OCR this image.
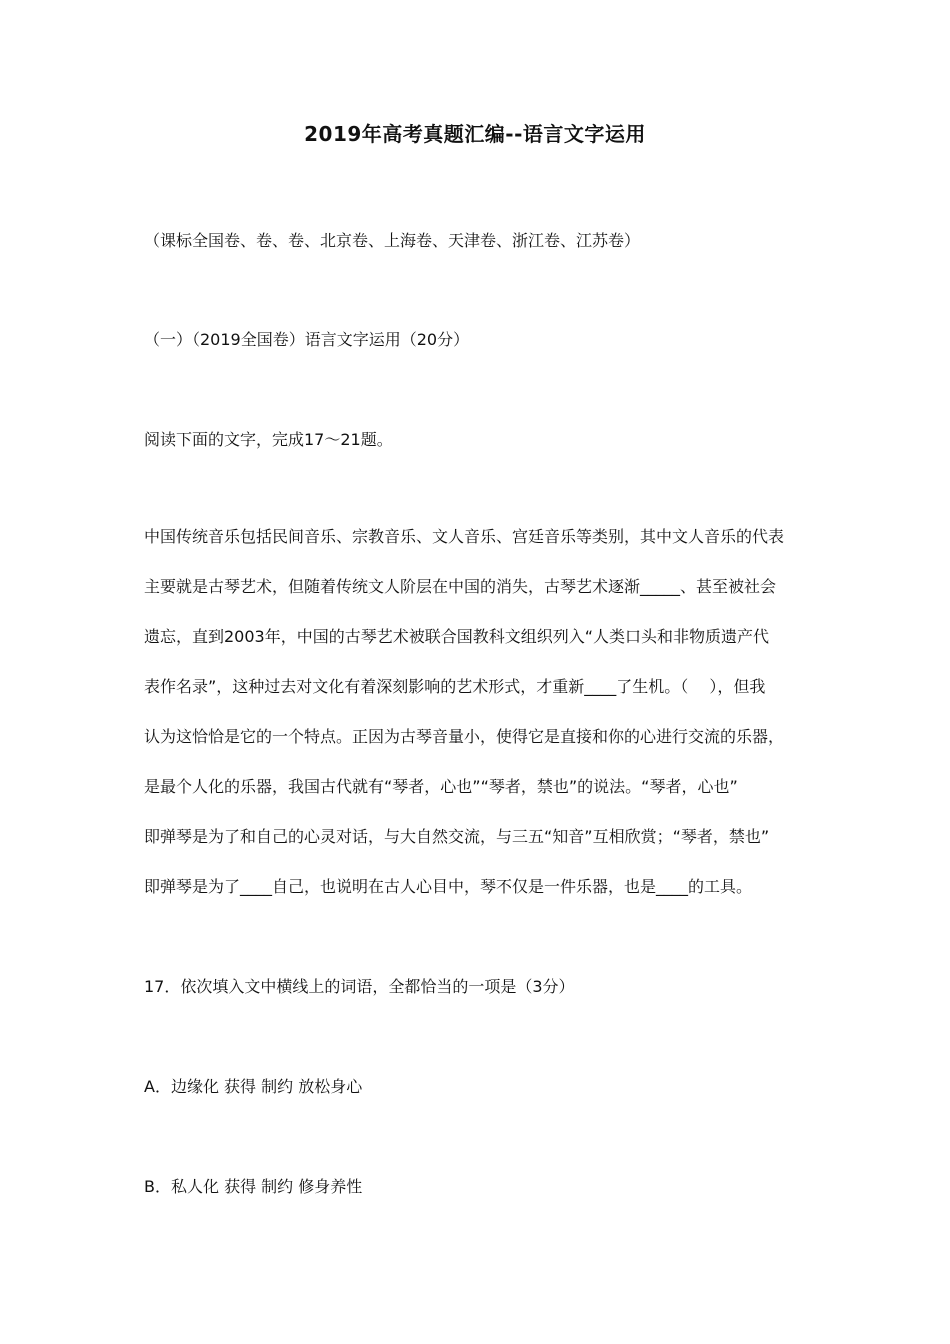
2019年高考真题汇编--语言文字运用
（课标全国卷、卷、卷、北京卷、上海卷、天津卷、浙江卷、江苏卷）
（一）（2019全国卷）语言文字运用（20分）
阅读下面的文字，完成17～21题。
中国传统音乐包括民间音乐、宗教音乐、文人音乐、宫廷音乐等类别，其中文人音乐的代表
主要就是古琴艺术，但随着传统文人阶层在中国的消失，古琴艺术逐渐_____、甚至被社会
遗忘，直到2003年，中国的古琴艺术被联合国教科文组织列入“人类口头和非物质遗产代
表作名录”，这种过去对文化有着深刻影响的艺术形式，才重新____了生机。（　 ），但我
认为这恰恰是它的一个特点。正因为古琴音量小，使得它是直接和你的心进行交流的乐器，
是最个人化的乐器，我国古代就有“琴者，心也”“琴者，禁也”的说法。“琴者，心也”
即弹琴是为了和自己的心灵对话，与大自然交流，与三五“知音”互相欣赏；“琴者，禁也”
即弹琴是为了____自己，也说明在古人心目中，琴不仅是一件乐器，也是____的工具。
17．依次填入文中横线上的词语，全都恰当的一项是（3分）
A．边缘化 获得 制约 放松身心
B．私人化 获得 制约 修身养性
